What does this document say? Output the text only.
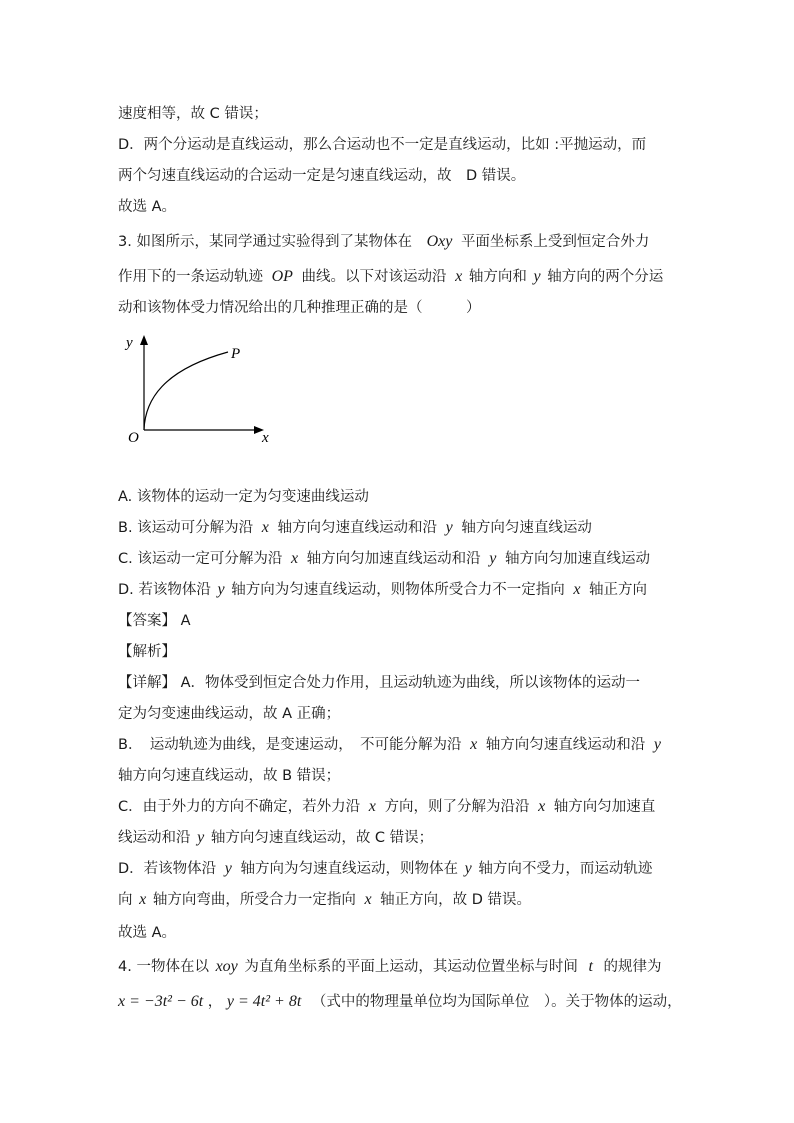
速度相等，故 C 错误；
D．两个分运动是直线运动，那么合运动也不一定是直线运动，比如 :平抛运动，而
两个匀速直线运动的合运动一定是匀速直线运动，故　D 错误。
故选 A。
3. 如图所示，某同学通过实验得到了某物体在 Oxy 平面坐标系上受到恒定合外力
作用下的一条运动轨迹 OP 曲线。以下对该运动沿 x 轴方向和 y 轴方向的两个分运
动和该物体受力情况给出的几种推理正确的是（　　　）
y
x
O
P
A. 该物体的运动一定为匀变速曲线运动
B. 该运动可分解为沿 x 轴方向匀速直线运动和沿 y 轴方向匀速直线运动
C. 该运动一定可分解为沿 x 轴方向匀加速直线运动和沿 y 轴方向匀加速直线运动
D. 若该物体沿 y 轴方向为匀速直线运动，则物体所受合力不一定指向 x 轴正方向
【答案】 A
【解析】
【详解】 A．物体受到恒定合处力作用，且运动轨迹为曲线，所以该物体的运动一
定为匀变速曲线运动，故 A 正确；
B．　运动轨迹为曲线，是变速运动，　不可能分解为沿 x 轴方向匀速直线运动和沿 y
轴方向匀速直线运动，故 B 错误；
C．由于外力的方向不确定，若外力沿 x 方向，则了分解为沿沿 x 轴方向匀加速直
线运动和沿 y 轴方向匀速直线运动，故 C 错误；
D．若该物体沿 y 轴方向为匀速直线运动，则物体在 y 轴方向不受力，而运动轨迹
向 x 轴方向弯曲，所受合力一定指向 x 轴正方向，故 D 错误。
故选 A。
4. 一物体在以 xoy 为直角坐标系的平面上运动，其运动位置坐标与时间 t 的规律为
x = −3t² − 6t ， y = 4t² + 8t （式中的物理量单位均为国际单位　）。关于物体的运动，
